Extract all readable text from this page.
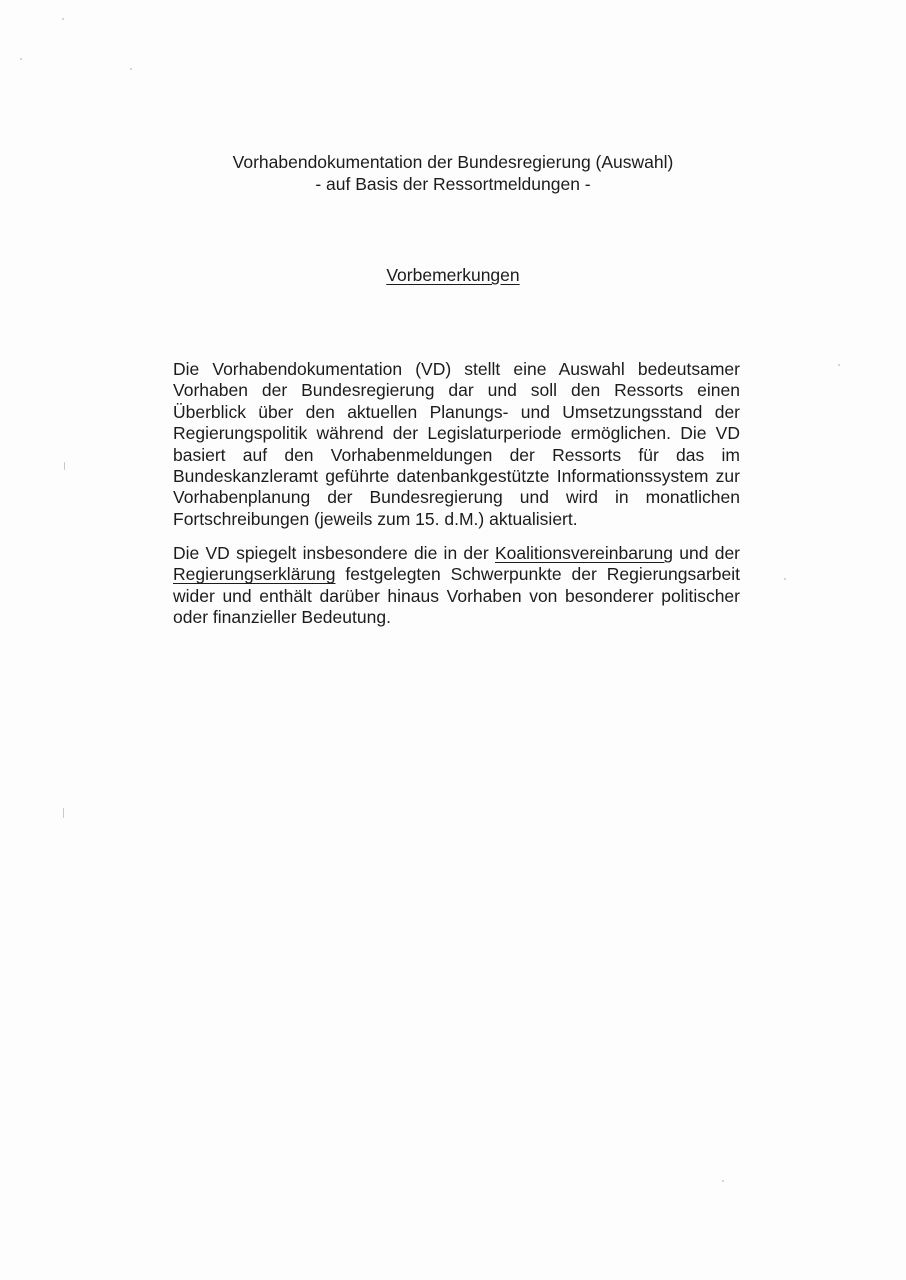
Vorhabendokumentation der Bundesregierung (Auswahl)
- auf Basis der Ressortmeldungen -
Vorbemerkungen
Die Vorhabendokumentation (VD) stellt eine Auswahl bedeutsamer Vorhaben der Bundesregierung dar und soll den Ressorts einen Überblick über den aktuellen Planungs- und Umsetzungsstand der Regierungspolitik während der Legislaturperiode ermöglichen. Die VD basiert auf den Vorhabenmeldungen der Ressorts für das im Bundeskanzleramt geführte datenbankgestützte Informationssystem zur Vorhabenplanung der Bundesregierung und wird in monatlichen Fortschreibungen (jeweils zum 15. d.M.) aktualisiert.
Die VD spiegelt insbesondere die in der Koalitionsvereinbarung und der Regierungserklärung festgelegten Schwerpunkte der Regierungsarbeit wider und enthält darüber hinaus Vorhaben von besonderer politischer oder finanzieller Bedeutung.
